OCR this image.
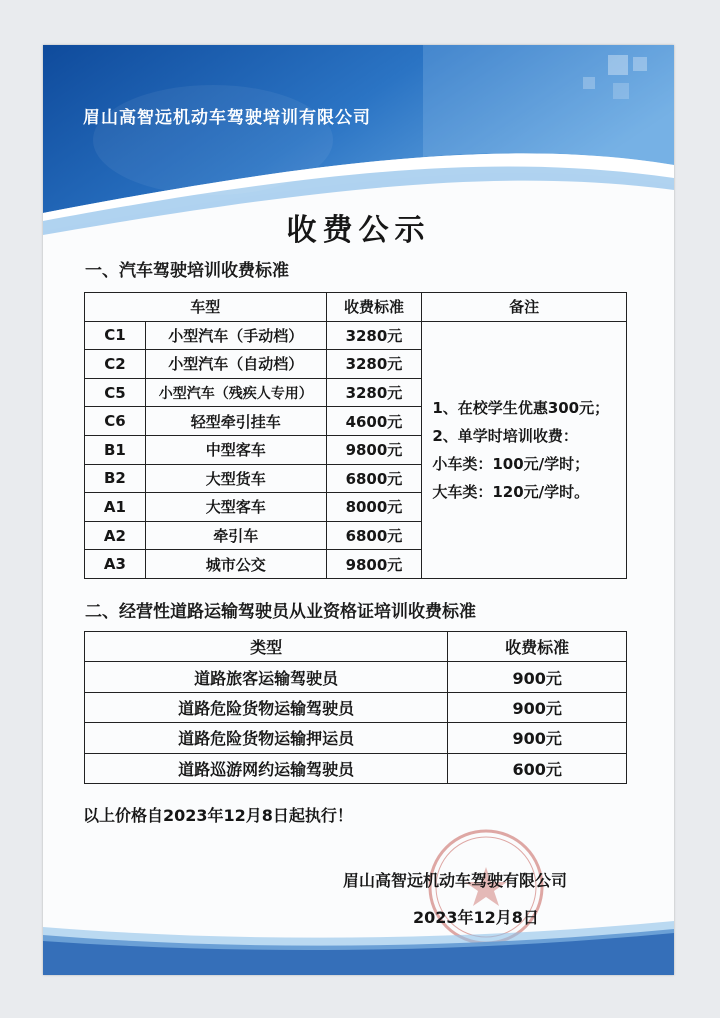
眉山高智远机动车驾驶培训有限公司
收费公示
一、汽车驾驶培训收费标准
车型		收费标准	备注
C1	小型汽车（手动档）	3280元	1、在校学生优惠300元；
2、单学时培训收费：
小车类：100元/学时；
大车类：120元/学时。

C2	小型汽车（自动档）	3280元	
C5	小型汽车（残疾人专用）	3280元	
C6	轻型牵引挂车	4600元	
B1	中型客车	9800元	
B2	大型货车	6800元	
A1	大型客车	8000元	
A2	牵引车	6800元	
A3	城市公交	9800元	
二、经营性道路运输驾驶员从业资格证培训收费标准
类型	收费标准
道路旅客运输驾驶员	900元
道路危险货物运输驾驶员	900元
道路危险货物运输押运员	900元
道路巡游网约运输驾驶员	600元
以上价格自2023年12月8日起执行！
眉山高智远机动车驾驶有限公司
2023年12月8日
